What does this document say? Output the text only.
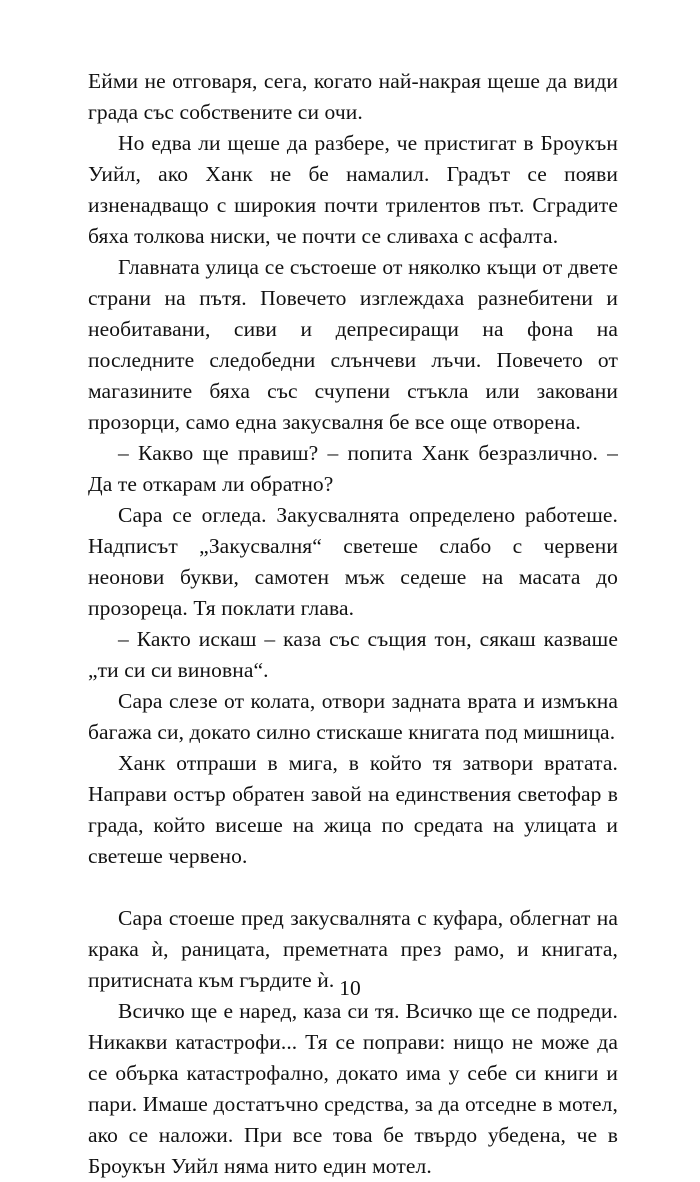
Ейми не отговаря, сега, когато най-накрая щеше да види града със собствените си очи.

Но едва ли щеше да разбере, че пристигат в Броукън Уийл, ако Ханк не бе намалил. Градът се появи изненадващо с широкия почти трилентов път. Сградите бяха толкова ниски, че почти се сливаха с асфалта.

Главната улица се състоеше от няколко къщи от двете страни на пътя. Повечето изглеждаха разнебитени и необитавани, сиви и депресиращи на фона на последните следобедни слънчеви лъчи. Повечето от магазините бяха със счупени стъкла или заковани прозорци, само една закусвалня бе все още отворена.

– Какво ще правиш? – попита Ханк безразлично. – Да те откарам ли обратно?

Сара се огледа. Закусвалнята определено работеше. Надписът „Закусвалня“ светеше слабо с червени неонови букви, самотен мъж седеше на масата до прозореца. Тя поклати глава.

– Както искаш – каза със същия тон, сякаш казваше „ти си си виновна“.

Сара слезе от колата, отвори задната врата и измъкна багажа си, докато силно стискаше книгата под мишница.

Ханк отпраши в мига, в който тя затвори вратата. Направи остър обратен завой на единствения светофар в града, който висеше на жица по средата на улицата и светеше червено.

Сара стоеше пред закусвалнята с куфара, облегнат на крака ѝ, раницата, преметната през рамо, и книгата, притисната към гърдите ѝ.

Всичко ще е наред, каза си тя. Всичко ще се подреди. Никакви катастрофи... Тя се поправи: нищо не може да се обърка катастрофално, докато има у себе си книги и пари. Имаше достатъчно средства, за да отседне в мотел, ако се наложи. При все това бе твърдо убедена, че в Броукън Уийл няма нито един мотел.

10
